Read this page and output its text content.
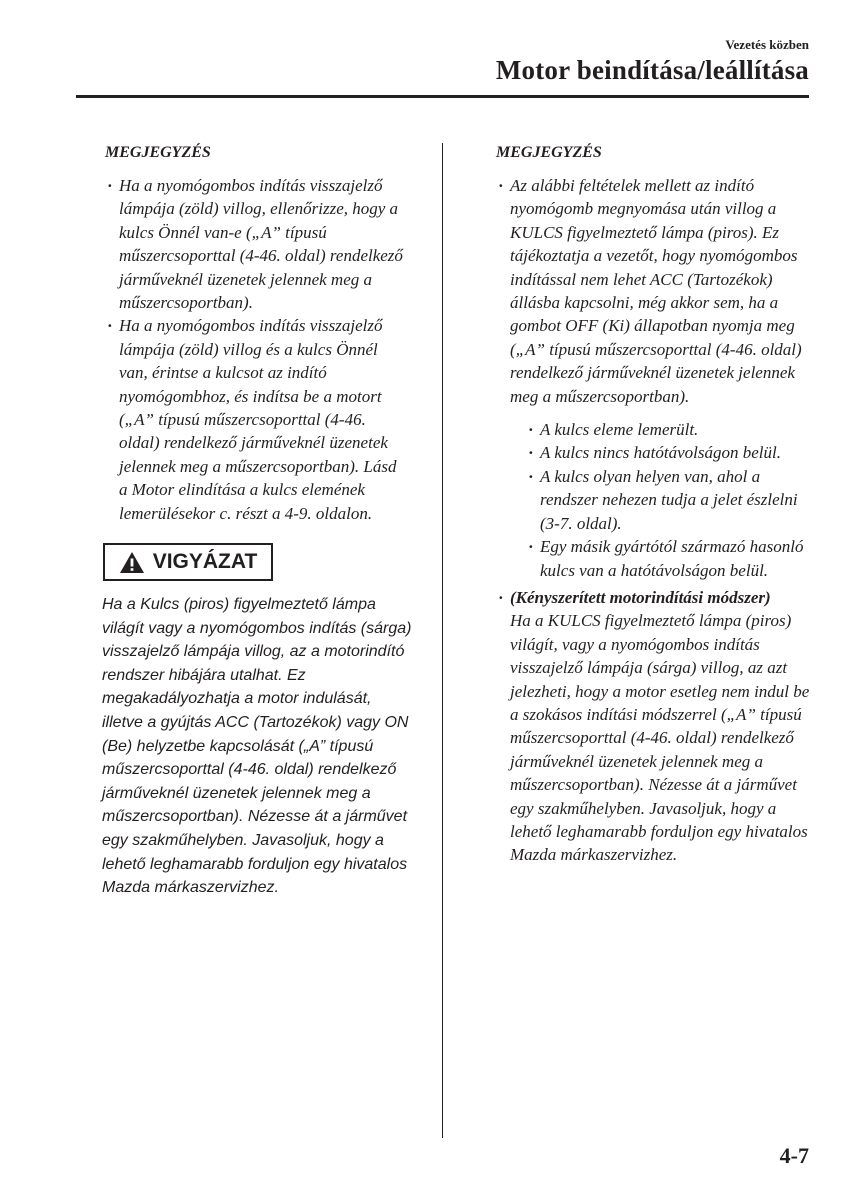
Vezetés közben
Motor beindítása/leállítása
MEGJEGYZÉS
· Ha a nyomógombos indítás visszajelző lámpája (zöld) villog, ellenőrizze, hogy a kulcs Önnél van-e („A” típusú műszercsoporttal (4-46. oldal) rendelkező járműveknél üzenetek jelennek meg a műszercsoportban).
· Ha a nyomógombos indítás visszajelző lámpája (zöld) villog és a kulcs Önnél van, érintse a kulcsot az indító nyomógombhoz, és indítsa be a motort („A” típusú műszercsoporttal (4-46. oldal) rendelkező járműveknél üzenetek jelennek meg a műszercsoportban). Lásd a Motor elindítása a kulcs elemének lemerülésekor c. részt a 4-9. oldalon.
VIGYÁZAT
Ha a Kulcs (piros) figyelmeztető lámpa világít vagy a nyomógombos indítás (sárga) visszajelző lámpája villog, az a motorindító rendszer hibájára utalhat. Ez megakadályozhatja a motor indulását, illetve a gyújtás ACC (Tartozékok) vagy ON (Be) helyzetbe kapcsolását („A” típusú műszercsoporttal (4-46. oldal) rendelkező járműveknél üzenetek jelennek meg a műszercsoportban). Nézesse át a járművet egy szakműhelyben. Javasoljuk, hogy a lehető leghamarabb forduljon egy hivatalos Mazda márkaszervizhez.
MEGJEGYZÉS
· Az alábbi feltételek mellett az indító nyomógomb megnyomása után villog a KULCS figyelmeztető lámpa (piros). Ez tájékoztatja a vezetőt, hogy nyomógombos indítással nem lehet ACC (Tartozékok) állásba kapcsolni, még akkor sem, ha a gombot OFF (Ki) állapotban nyomja meg („A” típusú műszercsoporttal (4-46. oldal) rendelkező járműveknél üzenetek jelennek meg a műszercsoportban).
· A kulcs eleme lemerült.
· A kulcs nincs hatótávolságon belül.
· A kulcs olyan helyen van, ahol a rendszer nehezen tudja a jelet észlelni (3-7. oldal).
· Egy másik gyártótól származó hasonló kulcs van a hatótávolságon belül.
· (Kényszerített motorindítási módszer)
Ha a KULCS figyelmeztető lámpa (piros) világít, vagy a nyomógombos indítás visszajelző lámpája (sárga) villog, az azt jelezheti, hogy a motor esetleg nem indul be a szokásos indítási módszerrel („A” típusú műszercsoporttal (4-46. oldal) rendelkező járműveknél üzenetek jelennek meg a műszercsoportban). Nézesse át a járművet egy szakműhelyben. Javasoljuk, hogy a lehető leghamarabb forduljon egy hivatalos Mazda márkaszervizhez.
4-7
